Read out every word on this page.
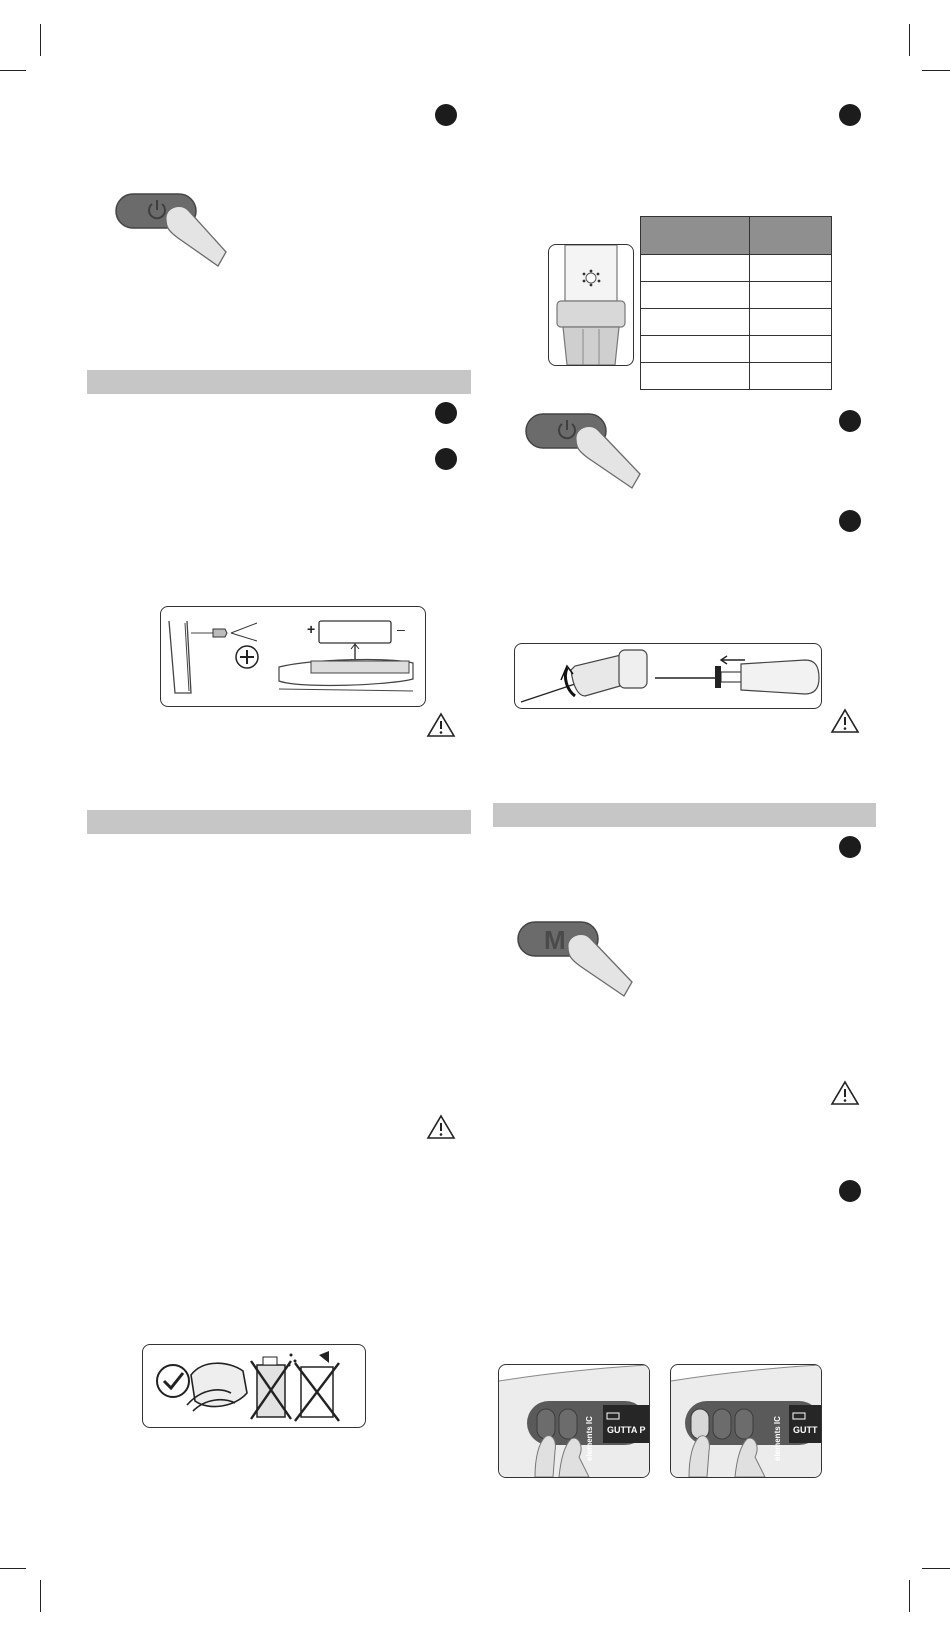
+	–

M
GUTTA P
elements IC	GUTT
elements IC
